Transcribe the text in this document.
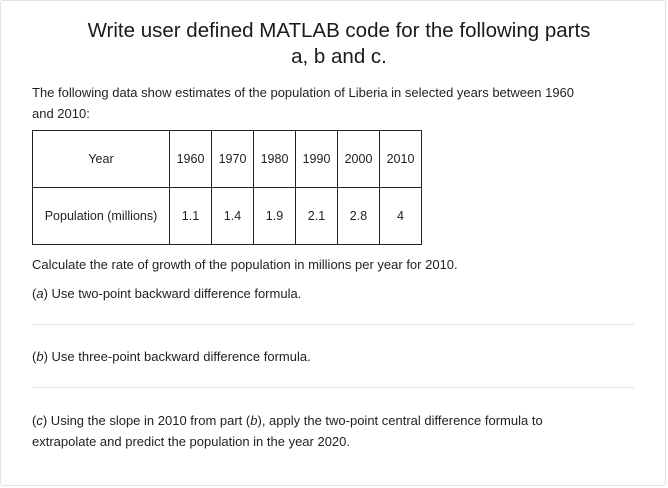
Write user defined MATLAB code for the following parts
a, b and c.
The following data show estimates of the population of Liberia in selected years between 1960
and 2010:
Year	1960	1970	1980	1990	2000	2010
Population (millions)	1.1	1.4	1.9	2.1	2.8	4
Calculate the rate of growth of the population in millions per year for 2010.
(a) Use two-point backward difference formula.
(b) Use three-point backward difference formula.
(c) Using the slope in 2010 from part (b), apply the two-point central difference formula to
extrapolate and predict the population in the year 2020.
